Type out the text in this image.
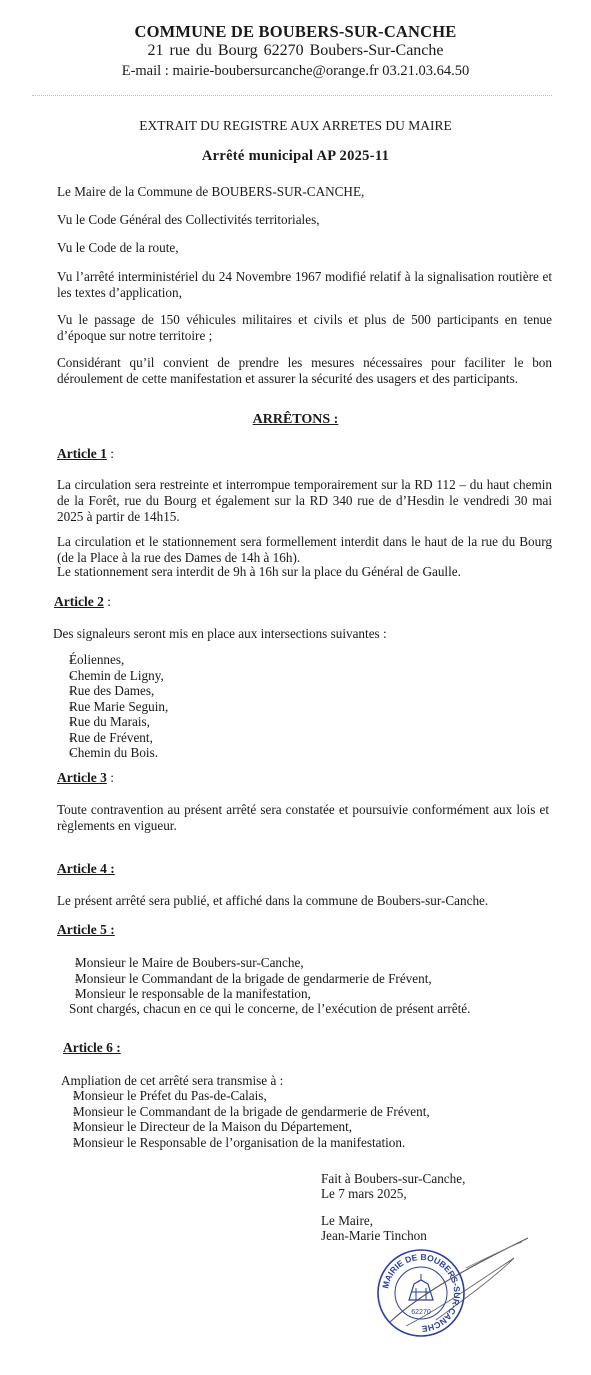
COMMUNE DE BOUBERS-SUR-CANCHE
21 rue du Bourg 62270 Boubers-Sur-Canche
E-mail : mairie-boubersurcanche@orange.fr 03.21.03.64.50
EXTRAIT DU REGISTRE AUX ARRETES DU MAIRE
Arrêté municipal AP 2025-11
Le Maire de la Commune de BOUBERS-SUR-CANCHE,
Vu le Code Général des Collectivités territoriales,
Vu le Code de la route,
Vu l’arrêté interministériel du 24 Novembre 1967 modifié relatif à la signalisation routière et les textes d’application,
Vu le passage de 150 véhicules militaires et civils et plus de 500 participants en tenue d’époque sur notre territoire ;
Considérant qu’il convient de prendre les mesures nécessaires pour faciliter le bon déroulement de cette manifestation et assurer la sécurité des usagers et des participants.
ARRÊTONS :
Article 1 :
La circulation sera restreinte et interrompue temporairement sur la RD 112 – du haut chemin de la Forêt, rue du Bourg et également sur la RD 340 rue de d’Hesdin le vendredi 30 mai 2025 à partir de 14h15.
La circulation et le stationnement sera formellement interdit dans le haut de la rue du Bourg (de la Place à la rue des Dames de 14h à 16h).
Le stationnement sera interdit de 9h à 16h sur la place du Général de Gaulle.
Article 2 :
Des signaleurs seront mis en place aux intersections suivantes :
- Éoliennes,
- Chemin de Ligny,
- Rue des Dames,
- Rue Marie Seguin,
- Rue du Marais,
- Rue de Frévent,
- Chemin du Bois.
Article 3 :
Toute contravention au présent arrêté sera constatée et poursuivie conformément aux lois et règlements en vigueur.
Article 4 :
Le présent arrêté sera publié, et affiché dans la commune de Boubers-sur-Canche.
Article 5 :
- Monsieur le Maire de Boubers-sur-Canche,
- Monsieur le Commandant de la brigade de gendarmerie de Frévent,
- Monsieur le responsable de la manifestation,
Sont chargés, chacun en ce qui le concerne, de l’exécution de présent arrêté.
Article 6 :
Ampliation de cet arrêté sera transmise à :
- Monsieur le Préfet du Pas-de-Calais,
- Monsieur le Commandant de la brigade de gendarmerie de Frévent,
- Monsieur le Directeur de la Maison du Département,
- Monsieur le Responsable de l’organisation de la manifestation.
Fait à Boubers-sur-Canche,
Le 7 mars 2025,
Le Maire,
Jean-Marie Tinchon
MAIRIE DE BOUBERS-SUR-CANCHE
62270
